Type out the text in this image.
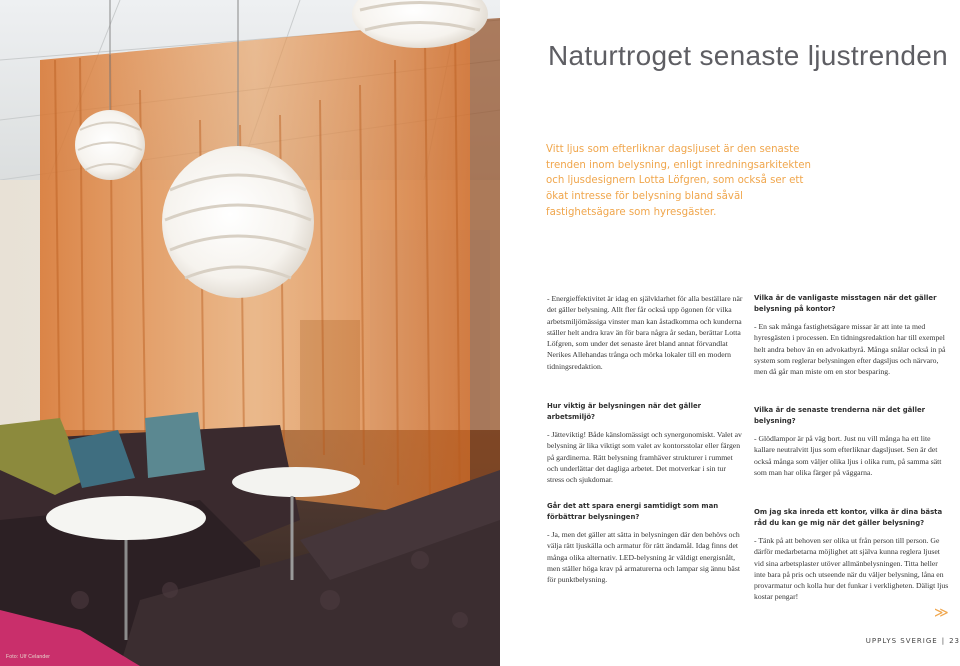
Foto: Ulf Celander
Naturtroget senaste ljustrenden

Vitt ljus som efterliknar dagsljuset är den senaste trenden inom belysning, enligt inredningsarkitekten och ljusdesignern Lotta Löfgren, som också ser ett ökat intresse för belysning bland såväl fastighetsägare som hyresgäster.

- Energieffektivitet är idag en självklarhet för alla beställare när det gäller belysning. Allt fler får också upp ögonen för vilka arbetsmiljömässiga vinster man kan åstadkomma och kunderna ställer helt andra krav än för bara några år sedan, berättar Lotta Löfgren, som under det senaste året bland annat förvandlat Nerikes Allehandas trånga och mörka lokaler till en modern tidningsredaktion.

Hur viktig är belysningen när det gäller arbetsmiljö?

- Jätteviktig! Både känslomässigt och synergonomiskt. Valet av belysning är lika viktigt som valet av kontorsstolar eller färgen på gardinerna. Rätt belysning framhäver strukturer i rummet och underlättar det dagliga arbetet. Det motverkar i sin tur stress och sjukdomar.

Går det att spara energi samtidigt som man förbättrar belysningen?

- Ja, men det gäller att sätta in belysningen där den behövs och välja rätt ljuskälla och armatur för rätt ändamål. Idag finns det många olika alternativ. LED-belysning är väldigt energisnålt, men ställer höga krav på armaturerna och lampar sig ännu bäst för punktbelysning.

Vilka är de vanligaste misstagen när det gäller belysning på kontor?

- En sak många fastighetsägare missar är att inte ta med hyresgästen i processen. En tidningsredaktion har till exempel helt andra behov än en advokatbyrå. Många snålar också in på system som reglerar belysningen efter dagsljus och närvaro, men då går man miste om en stor besparing.

Vilka är de senaste trenderna när det gäller belysning?

- Glödlampor är på väg bort. Just nu vill många ha ett lite kallare neutralvitt ljus som efterliknar dagsljuset. Sen är det också många som väljer olika ljus i olika rum, på samma sätt som man har olika färger på väggarna.

Om jag ska inreda ett kontor, vilka är dina bästa råd du kan ge mig när det gäller belysning?

- Tänk på att behoven ser olika ut från person till person. Ge därför medarbetarna möjlighet att själva kunna reglera ljuset vid sina arbetsplaster utöver allmänbelysningen. Titta heller inte bara på pris och utseende när du väljer belysning, låna en provarmatur och kolla hur det funkar i verkligheten. Däligt ljus kostar pengar!

≫
UPPLYS SVERIGE | 23
